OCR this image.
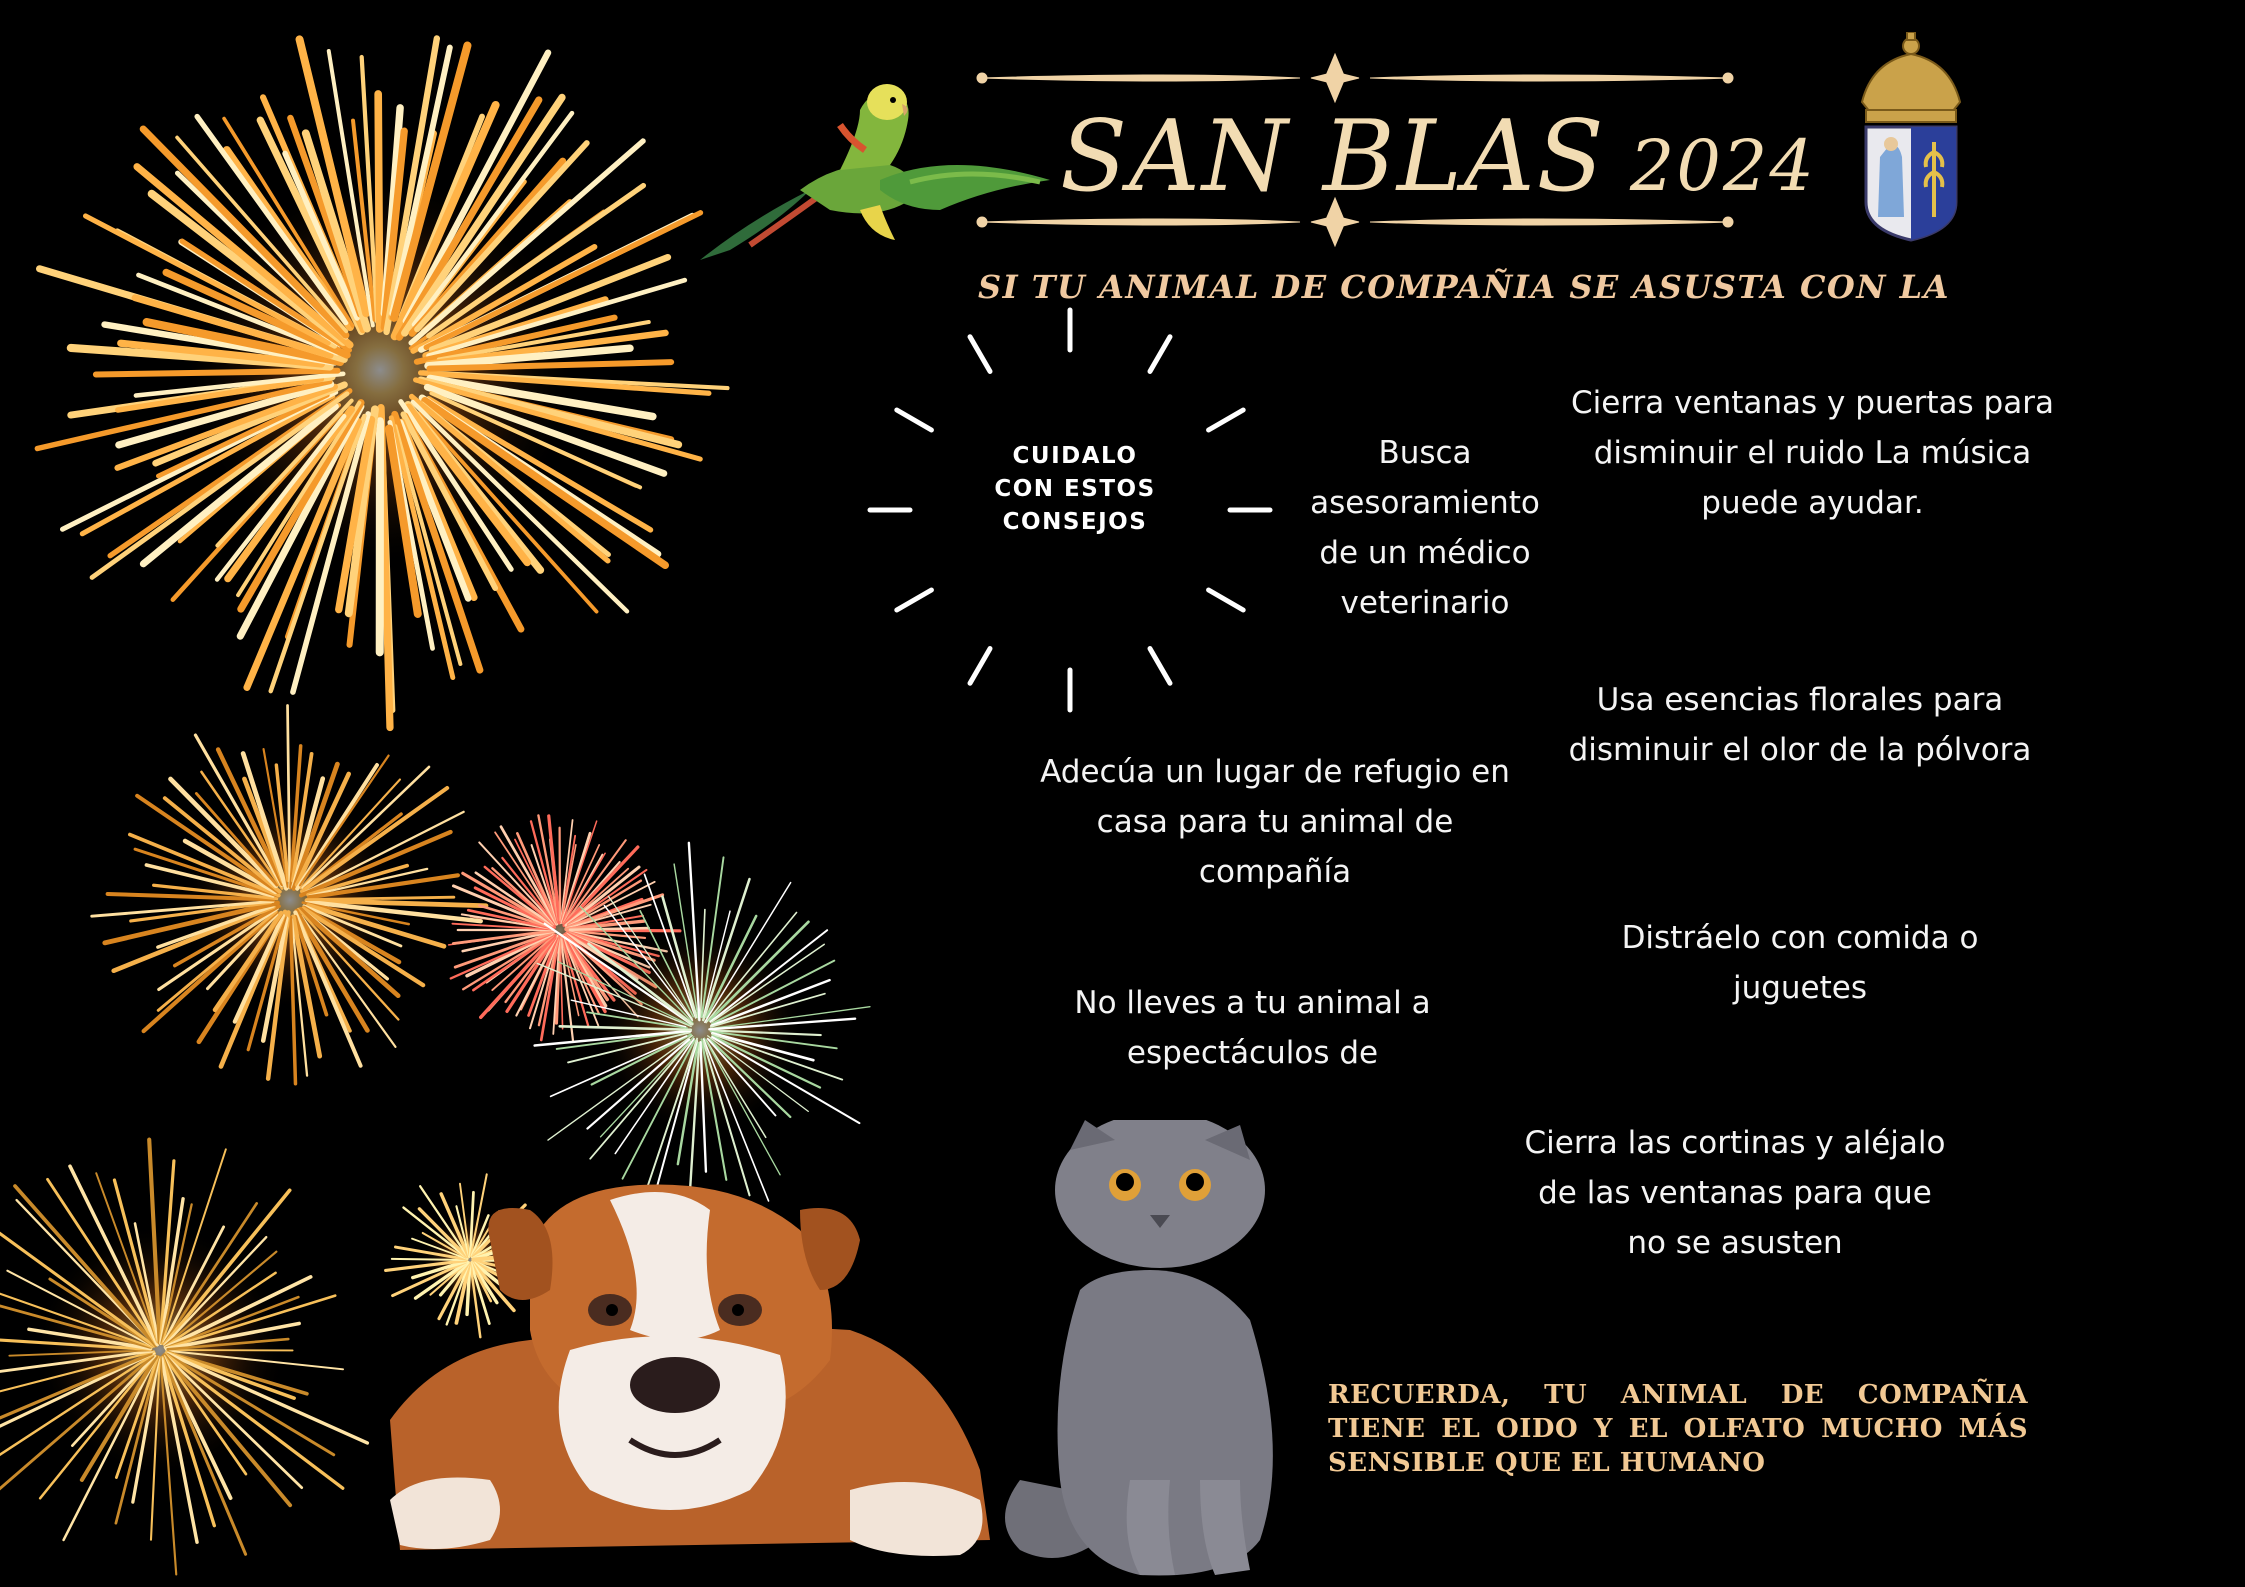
SAN BLAS 2024
SI TU ANIMAL DE COMPAÑIA SE ASUSTA CON LA
CUIDALO
CON ESTOS
CONSEJOS
Busca asesoramiento de un médico veterinario
Cierra ventanas y puertas para disminuir el ruido La música puede ayudar.
Adecúa un lugar de refugio en casa para tu animal de compañía
Usa esencias florales para disminuir el olor de la pólvora
Distráelo con comida o juguetes
No lleves a tu animal a espectáculos de
Cierra las cortinas y aléjalo de las ventanas para que no se asusten
RECUERDA, TU ANIMAL DE COMPAÑIA TIENE EL OIDO Y EL OLFATO MUCHO MÁS SENSIBLE QUE EL HUMANO
